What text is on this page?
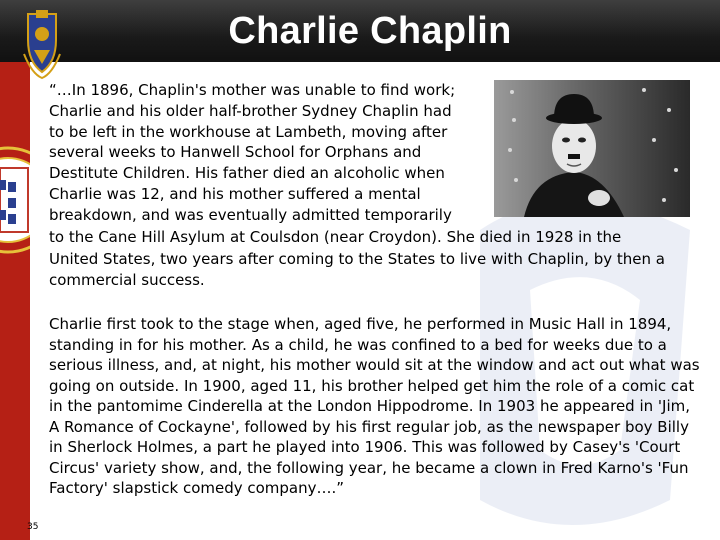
Charlie Chaplin
“…In 1896, Chaplin's mother was unable to find work;
Charlie and his older half-brother Sydney Chaplin had
to be left in the workhouse at Lambeth, moving after
several weeks to Hanwell School for Orphans and
Destitute Children. His father died an alcoholic when
Charlie was 12, and his mother suffered a mental
breakdown, and was eventually admitted temporarily
to the Cane Hill Asylum at Coulsdon (near Croydon). She died in 1928 in the
United States, two years after coming to the States to live with Chaplin, by then a
commercial success.

Charlie first took to the stage when, aged five, he performed in Music Hall in 1894, standing in for his mother. As a child, he was confined to a bed for weeks due to a serious illness, and, at night, his mother would sit at the window and act out what was going on outside. In 1900, aged 11, his brother helped get him the role of a comic cat in the pantomime Cinderella at the London Hippodrome. In 1903 he appeared in 'Jim, A Romance of Cockayne', followed by his first regular job, as the newspaper boy Billy in Sherlock Holmes, a part he played into 1906. This was followed by Casey's 'Court Circus' variety show, and, the following year, he became a clown in Fred Karno's 'Fun Factory' slapstick comedy company….”

35
